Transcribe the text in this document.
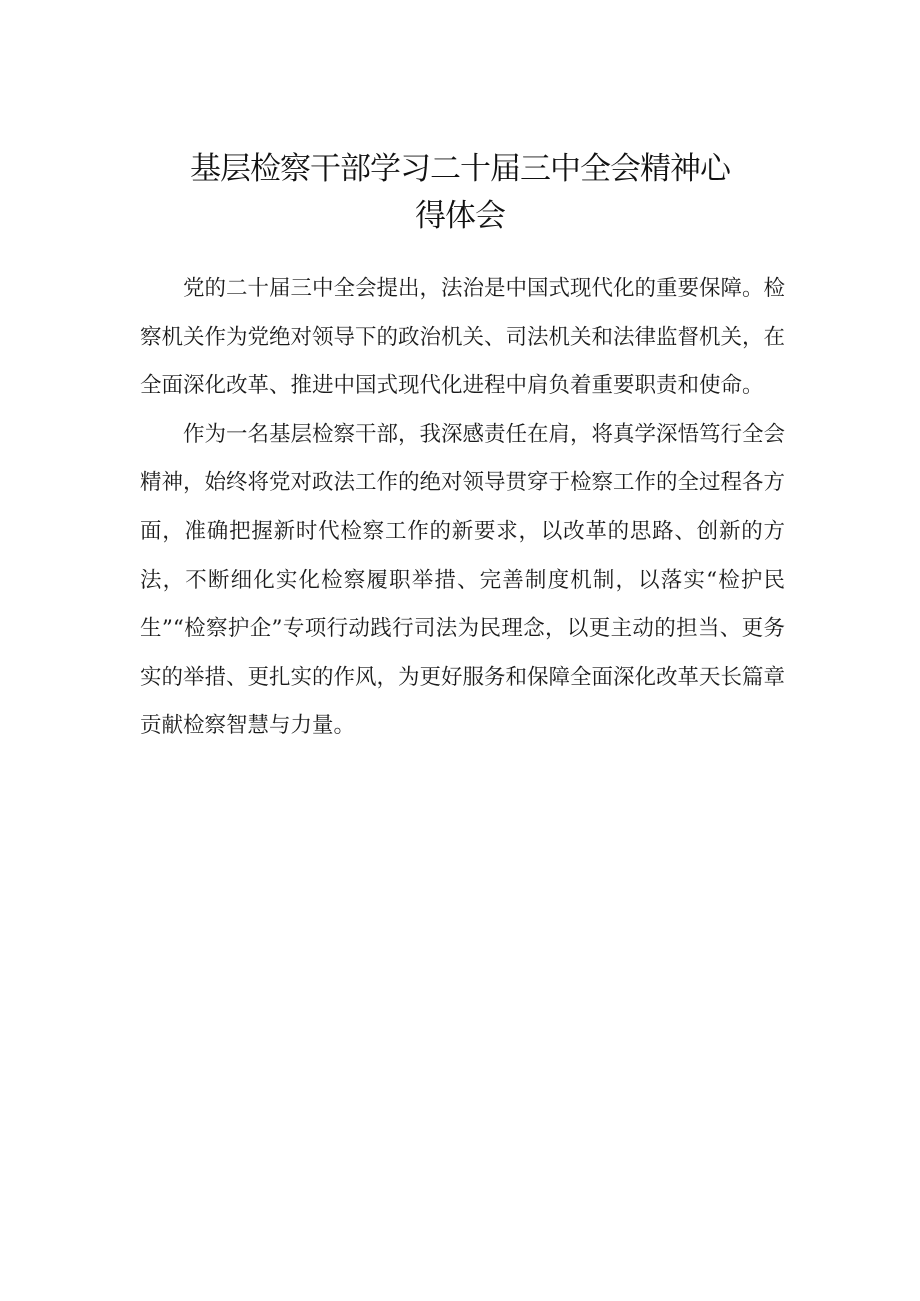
基层检察干部学习二十届三中全会精神心
得体会

党的二十届三中全会提出，法治是中国式现代化的重要保障。检察机关作为党绝对领导下的政治机关、司法机关和法律监督机关，在全面深化改革、推进中国式现代化进程中肩负着重要职责和使命。

作为一名基层检察干部，我深感责任在肩，将真学深悟笃行全会精神，始终将党对政法工作的绝对领导贯穿于检察工作的全过程各方面，准确把握新时代检察工作的新要求，以改革的思路、创新的方法，不断细化实化检察履职举措、完善制度机制，以落实“检护民生”“检察护企”专项行动践行司法为民理念，以更主动的担当、更务实的举措、更扎实的作风，为更好服务和保障全面深化改革天长篇章贡献检察智慧与力量。
